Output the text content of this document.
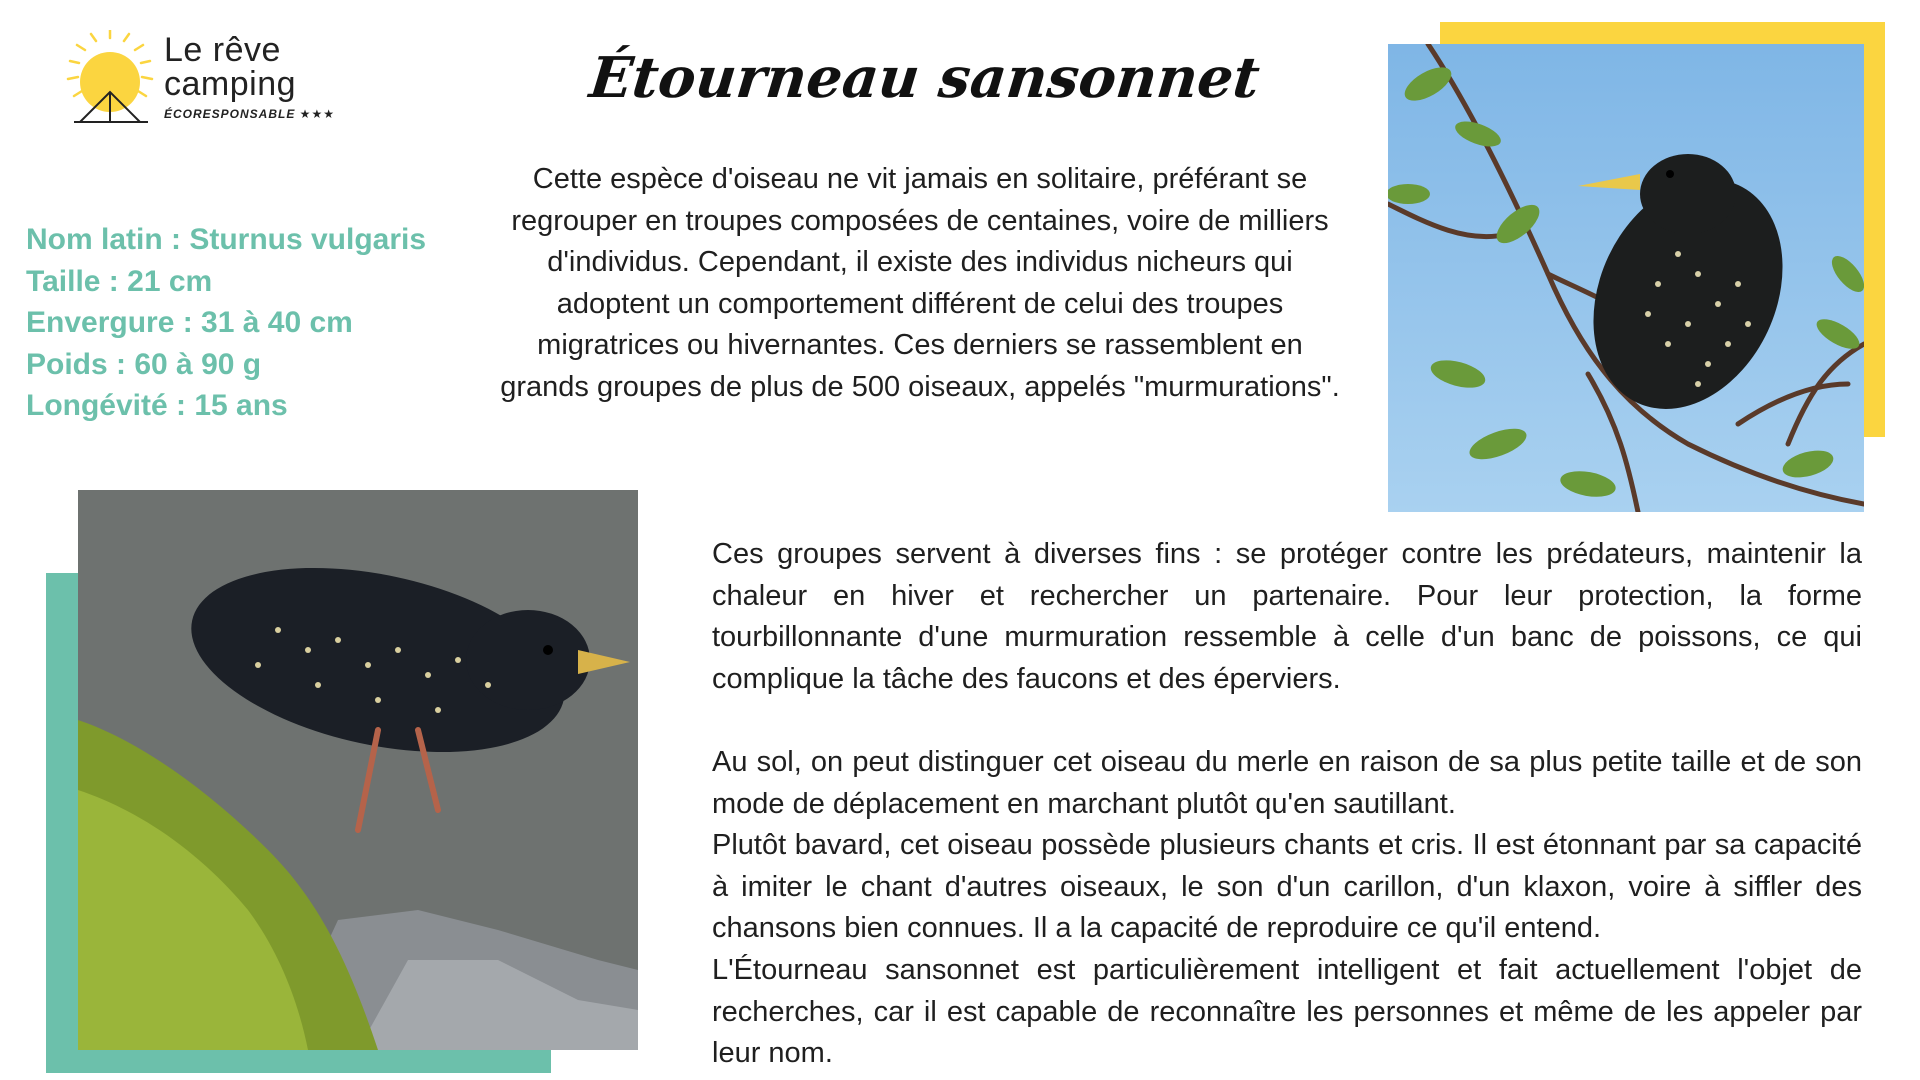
Le rêve
camping
ÉCORESPONSABLE ★★★
Étourneau sansonnet
Nom latin : Sturnus vulgaris
Taille : 21 cm
Envergure : 31 à 40 cm
Poids : 60 à 90 g
Longévité : 15 ans
Cette espèce d'oiseau ne vit jamais en solitaire, préférant se regrouper en troupes composées de centaines, voire de milliers d'individus. Cependant, il existe des individus nicheurs qui adoptent un comportement différent de celui des troupes migratrices ou hivernantes. Ces derniers se rassemblent en grands groupes de plus de 500 oiseaux, appelés "murmurations".

Ces groupes servent à diverses fins : se protéger contre les prédateurs, maintenir la chaleur en hiver et rechercher un partenaire. Pour leur protection, la forme tourbillonnante d'une murmuration ressemble à celle d'un banc de poissons, ce qui complique la tâche des faucons et des éperviers.

Au sol, on peut distinguer cet oiseau du merle en raison de sa plus petite taille et de son mode de déplacement en marchant plutôt qu'en sautillant.

Plutôt bavard, cet oiseau possède plusieurs chants et cris. Il est étonnant par sa capacité à imiter le chant d'autres oiseaux, le son d'un carillon, d'un klaxon, voire à siffler des chansons bien connues. Il a la capacité de reproduire ce qu'il entend.

L'Étourneau sansonnet est particulièrement intelligent et fait actuellement l'objet de recherches, car il est capable de reconnaître les personnes et même de les appeler par leur nom.
